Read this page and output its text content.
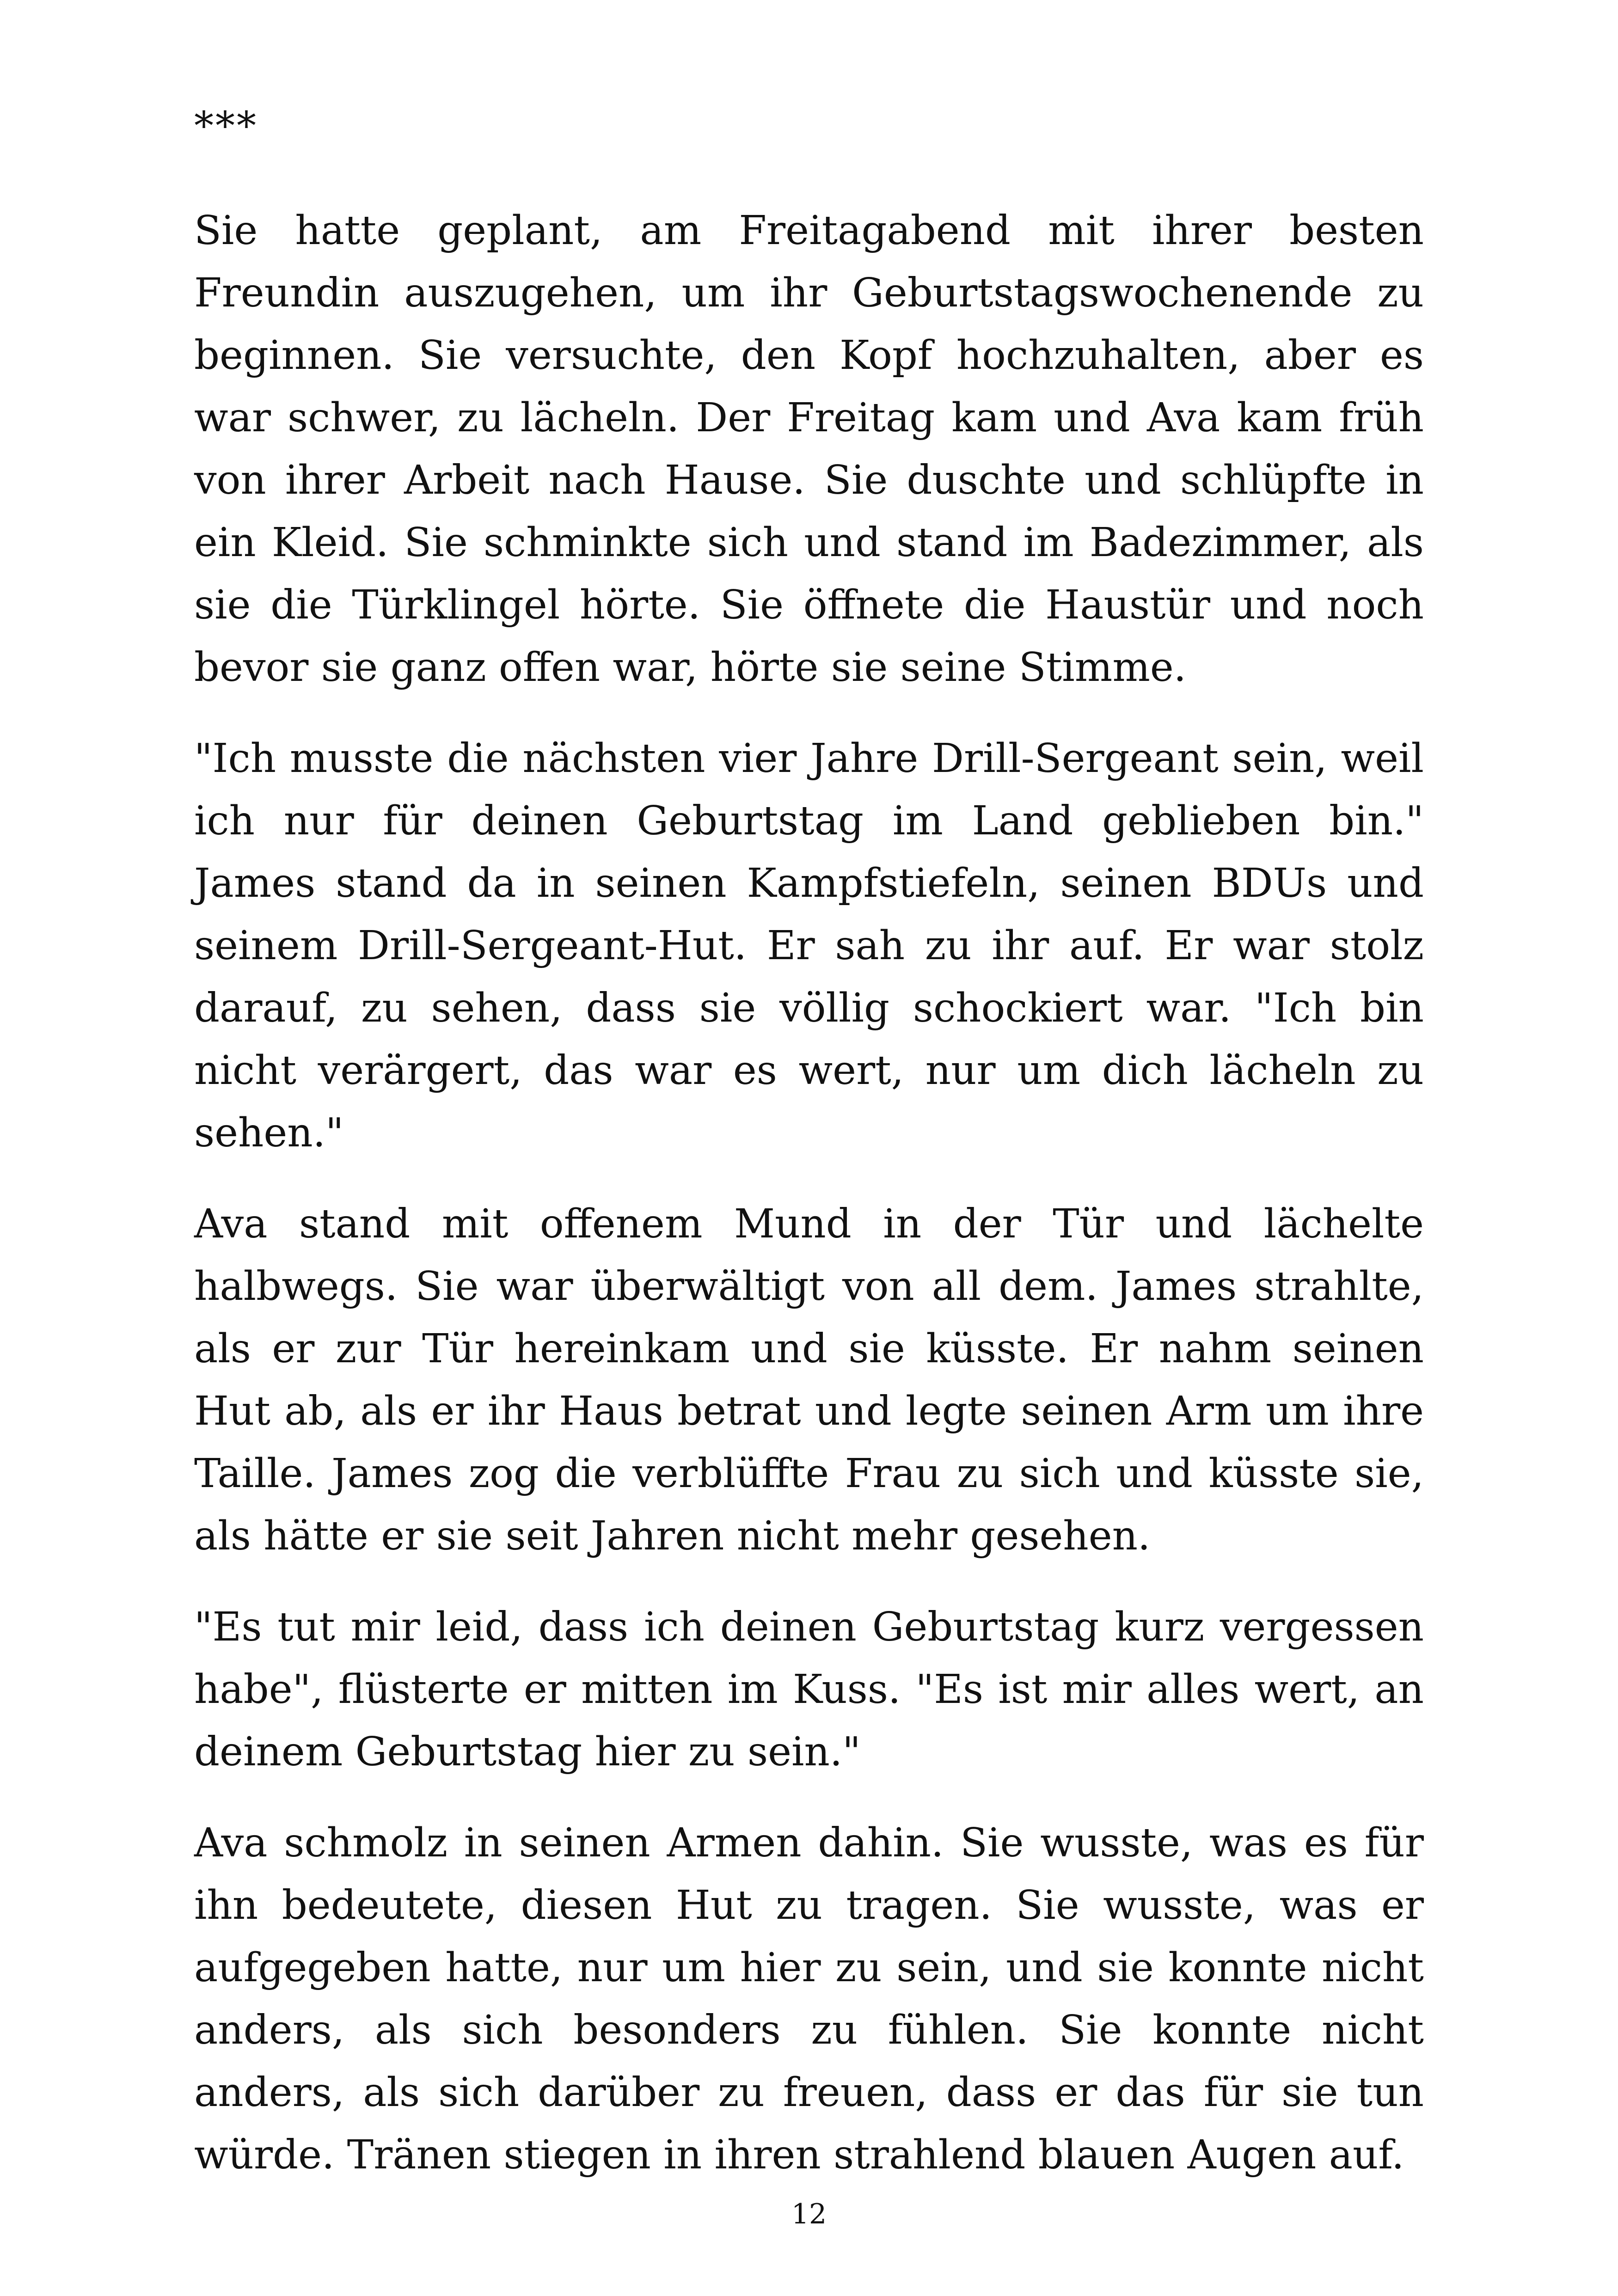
***

Sie hatte geplant, am Freitagabend mit ihrer besten Freundin auszugehen, um ihr Geburtstagswochenende zu beginnen. Sie versuchte, den Kopf hochzuhalten, aber es war schwer, zu lächeln. Der Freitag kam und Ava kam früh von ihrer Arbeit nach Hause. Sie duschte und schlüpfte in ein Kleid. Sie schminkte sich und stand im Badezimmer, als sie die Türklingel hörte. Sie öffnete die Haustür und noch bevor sie ganz offen war, hörte sie seine Stimme.

"Ich musste die nächsten vier Jahre Drill-Sergeant sein, weil ich nur für deinen Geburtstag im Land geblieben bin." James stand da in seinen Kampfstiefeln, seinen BDUs und seinem Drill-Sergeant-Hut. Er sah zu ihr auf. Er war stolz darauf, zu sehen, dass sie völlig schockiert war. "Ich bin nicht verärgert, das war es wert, nur um dich lächeln zu sehen."

Ava stand mit offenem Mund in der Tür und lächelte halbwegs. Sie war überwältigt von all dem. James strahlte, als er zur Tür hereinkam und sie küsste. Er nahm seinen Hut ab, als er ihr Haus betrat und legte seinen Arm um ihre Taille. James zog die verblüffte Frau zu sich und küsste sie, als hätte er sie seit Jahren nicht mehr gesehen.

"Es tut mir leid, dass ich deinen Geburtstag kurz vergessen habe", flüsterte er mitten im Kuss. "Es ist mir alles wert, an deinem Geburtstag hier zu sein."

Ava schmolz in seinen Armen dahin. Sie wusste, was es für ihn bedeutete, diesen Hut zu tragen. Sie wusste, was er aufgegeben hatte, nur um hier zu sein, und sie konnte nicht anders, als sich besonders zu fühlen. Sie konnte nicht anders, als sich darüber zu freuen, dass er das für sie tun würde. Tränen stiegen in ihren strahlend blauen Augen auf.

12
